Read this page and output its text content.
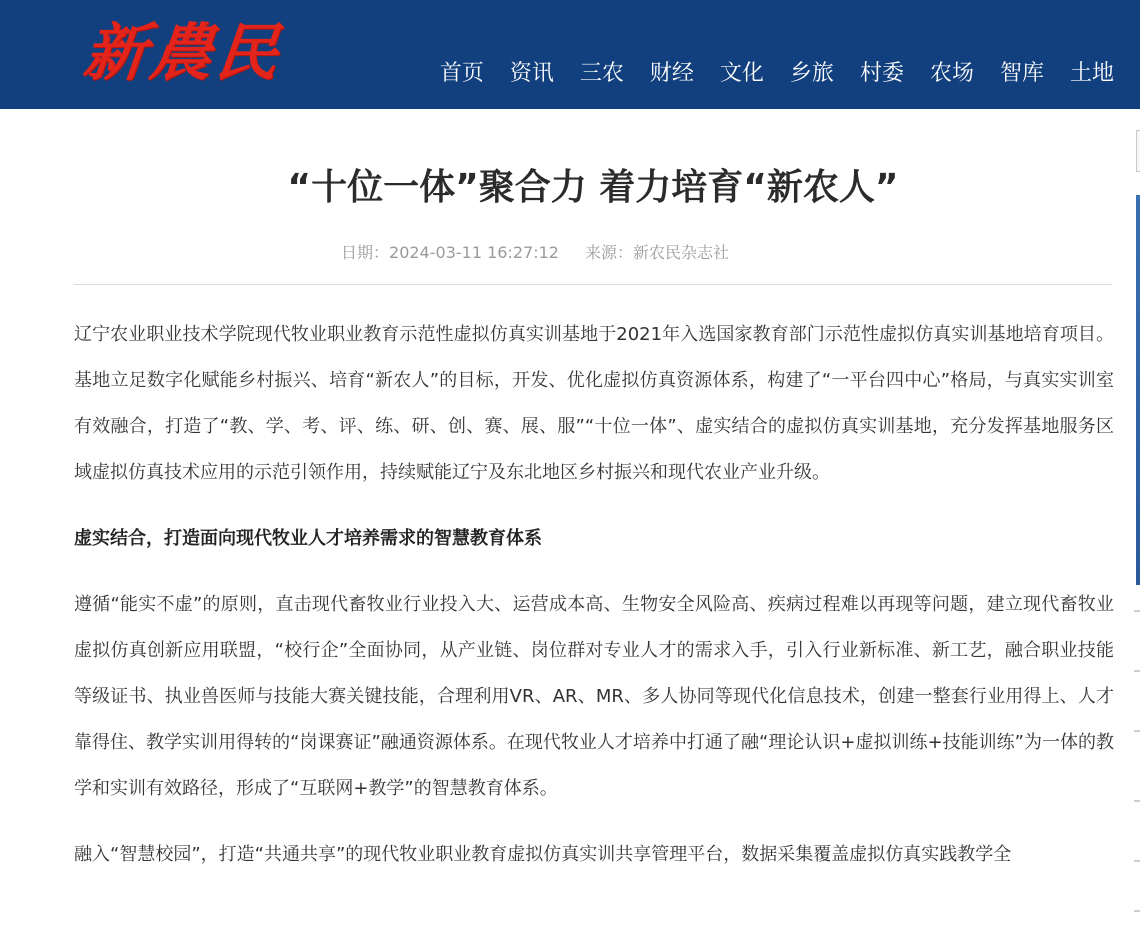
新農民	首页 资讯 三农 财经 文化 乡旅 村委 农场 智库 土地
“十位一体”聚合力 着力培育“新农人”
日期：2024-03-11 16:27:12 来源：新农民杂志社

辽宁农业职业技术学院现代牧业职业教育示范性虚拟仿真实训基地于2021年入选国家教育部门示范性虚拟仿真实训基地培育项目。基地立足数字化赋能乡村振兴、培育“新农人”的目标，开发、优化虚拟仿真资源体系，构建了“一平台四中心”格局，与真实实训室有效融合，打造了“教、学、考、评、练、研、创、赛、展、服”“十位一体”、虚实结合的虚拟仿真实训基地，充分发挥基地服务区域虚拟仿真技术应用的示范引领作用，持续赋能辽宁及东北地区乡村振兴和现代农业产业升级。

虚实结合，打造面向现代牧业人才培养需求的智慧教育体系

遵循“能实不虚”的原则，直击现代畜牧业行业投入大、运营成本高、生物安全风险高、疾病过程难以再现等问题，建立现代畜牧业虚拟仿真创新应用联盟，“校行企”全面协同，从产业链、岗位群对专业人才的需求入手，引入行业新标准、新工艺，融合职业技能等级证书、执业兽医师与技能大赛关键技能，合理利用VR、AR、MR、多人协同等现代化信息技术，创建一整套行业用得上、人才靠得住、教学实训用得转的“岗课赛证”融通资源体系。在现代牧业人才培养中打通了融“理论认识+虚拟训练+技能训练”为一体的教学和实训有效路径，形成了“互联网+教学”的智慧教育体系。

融入“智慧校园”，打造“共通共享”的现代牧业职业教育虚拟仿真实训共享管理平台，数据采集覆盖虚拟仿真实践教学全
